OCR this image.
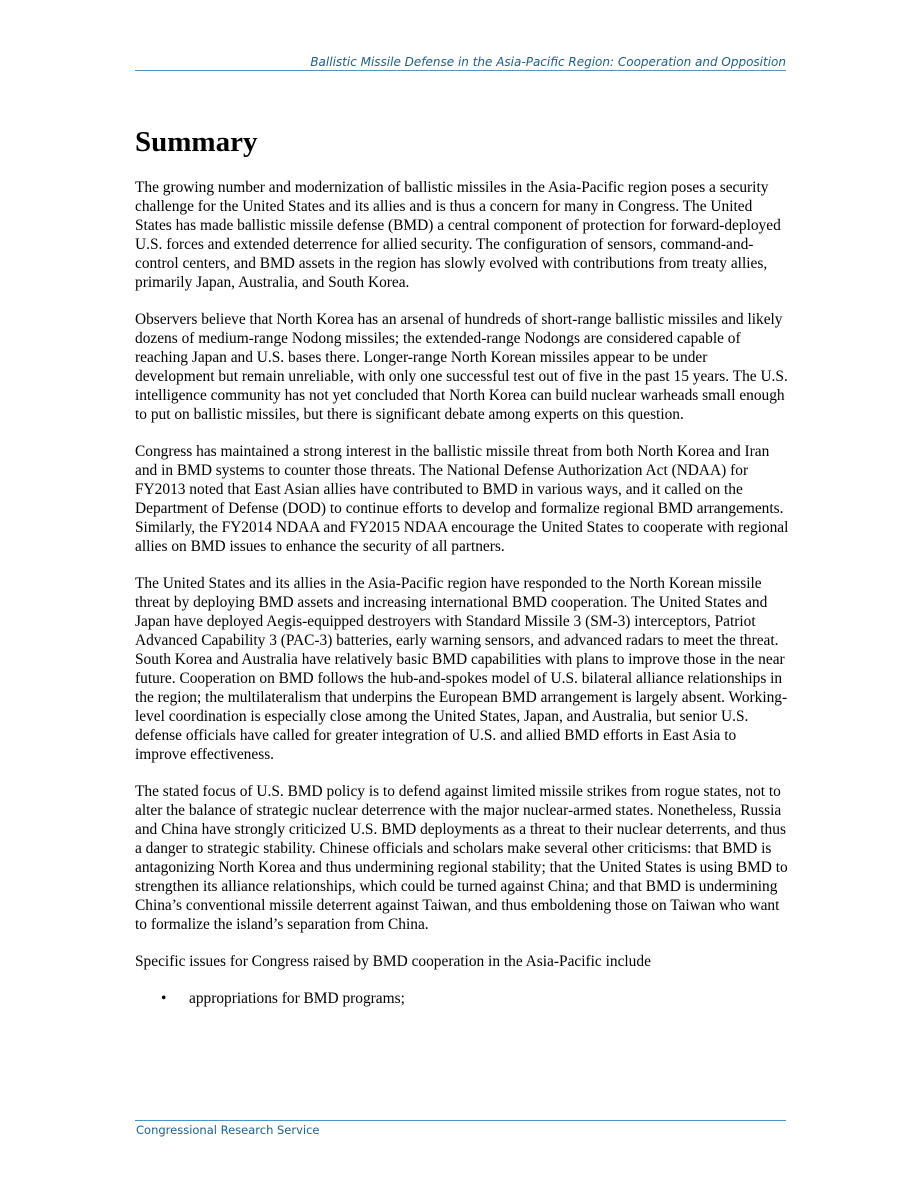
Ballistic Missile Defense in the Asia-Pacific Region: Cooperation and Opposition
Summary

The growing number and modernization of ballistic missiles in the Asia-Pacific region poses a security challenge for the United States and its allies and is thus a concern for many in Congress. The United States has made ballistic missile defense (BMD) a central component of protection for forward-deployed U.S. forces and extended deterrence for allied security. The configuration of sensors, command-and-control centers, and BMD assets in the region has slowly evolved with contributions from treaty allies, primarily Japan, Australia, and South Korea.

Observers believe that North Korea has an arsenal of hundreds of short-range ballistic missiles and likely dozens of medium-range Nodong missiles; the extended-range Nodongs are considered capable of reaching Japan and U.S. bases there. Longer-range North Korean missiles appear to be under development but remain unreliable, with only one successful test out of five in the past 15 years. The U.S. intelligence community has not yet concluded that North Korea can build nuclear warheads small enough to put on ballistic missiles, but there is significant debate among experts on this question.

Congress has maintained a strong interest in the ballistic missile threat from both North Korea and Iran and in BMD systems to counter those threats. The National Defense Authorization Act (NDAA) for FY2013 noted that East Asian allies have contributed to BMD in various ways, and it called on the Department of Defense (DOD) to continue efforts to develop and formalize regional BMD arrangements. Similarly, the FY2014 NDAA and FY2015 NDAA encourage the United States to cooperate with regional allies on BMD issues to enhance the security of all partners.

The United States and its allies in the Asia-Pacific region have responded to the North Korean missile threat by deploying BMD assets and increasing international BMD cooperation. The United States and Japan have deployed Aegis-equipped destroyers with Standard Missile 3 (SM-3) interceptors, Patriot Advanced Capability 3 (PAC-3) batteries, early warning sensors, and advanced radars to meet the threat. South Korea and Australia have relatively basic BMD capabilities with plans to improve those in the near future. Cooperation on BMD follows the hub-and-spokes model of U.S. bilateral alliance relationships in the region; the multilateralism that underpins the European BMD arrangement is largely absent. Working-level coordination is especially close among the United States, Japan, and Australia, but senior U.S. defense officials have called for greater integration of U.S. and allied BMD efforts in East Asia to improve effectiveness.

The stated focus of U.S. BMD policy is to defend against limited missile strikes from rogue states, not to alter the balance of strategic nuclear deterrence with the major nuclear-armed states. Nonetheless, Russia and China have strongly criticized U.S. BMD deployments as a threat to their nuclear deterrents, and thus a danger to strategic stability. Chinese officials and scholars make several other criticisms: that BMD is antagonizing North Korea and thus undermining regional stability; that the United States is using BMD to strengthen its alliance relationships, which could be turned against China; and that BMD is undermining China’s conventional missile deterrent against Taiwan, and thus emboldening those on Taiwan who want to formalize the island’s separation from China.

Specific issues for Congress raised by BMD cooperation in the Asia-Pacific include

• appropriations for BMD programs;
Congressional Research Service
